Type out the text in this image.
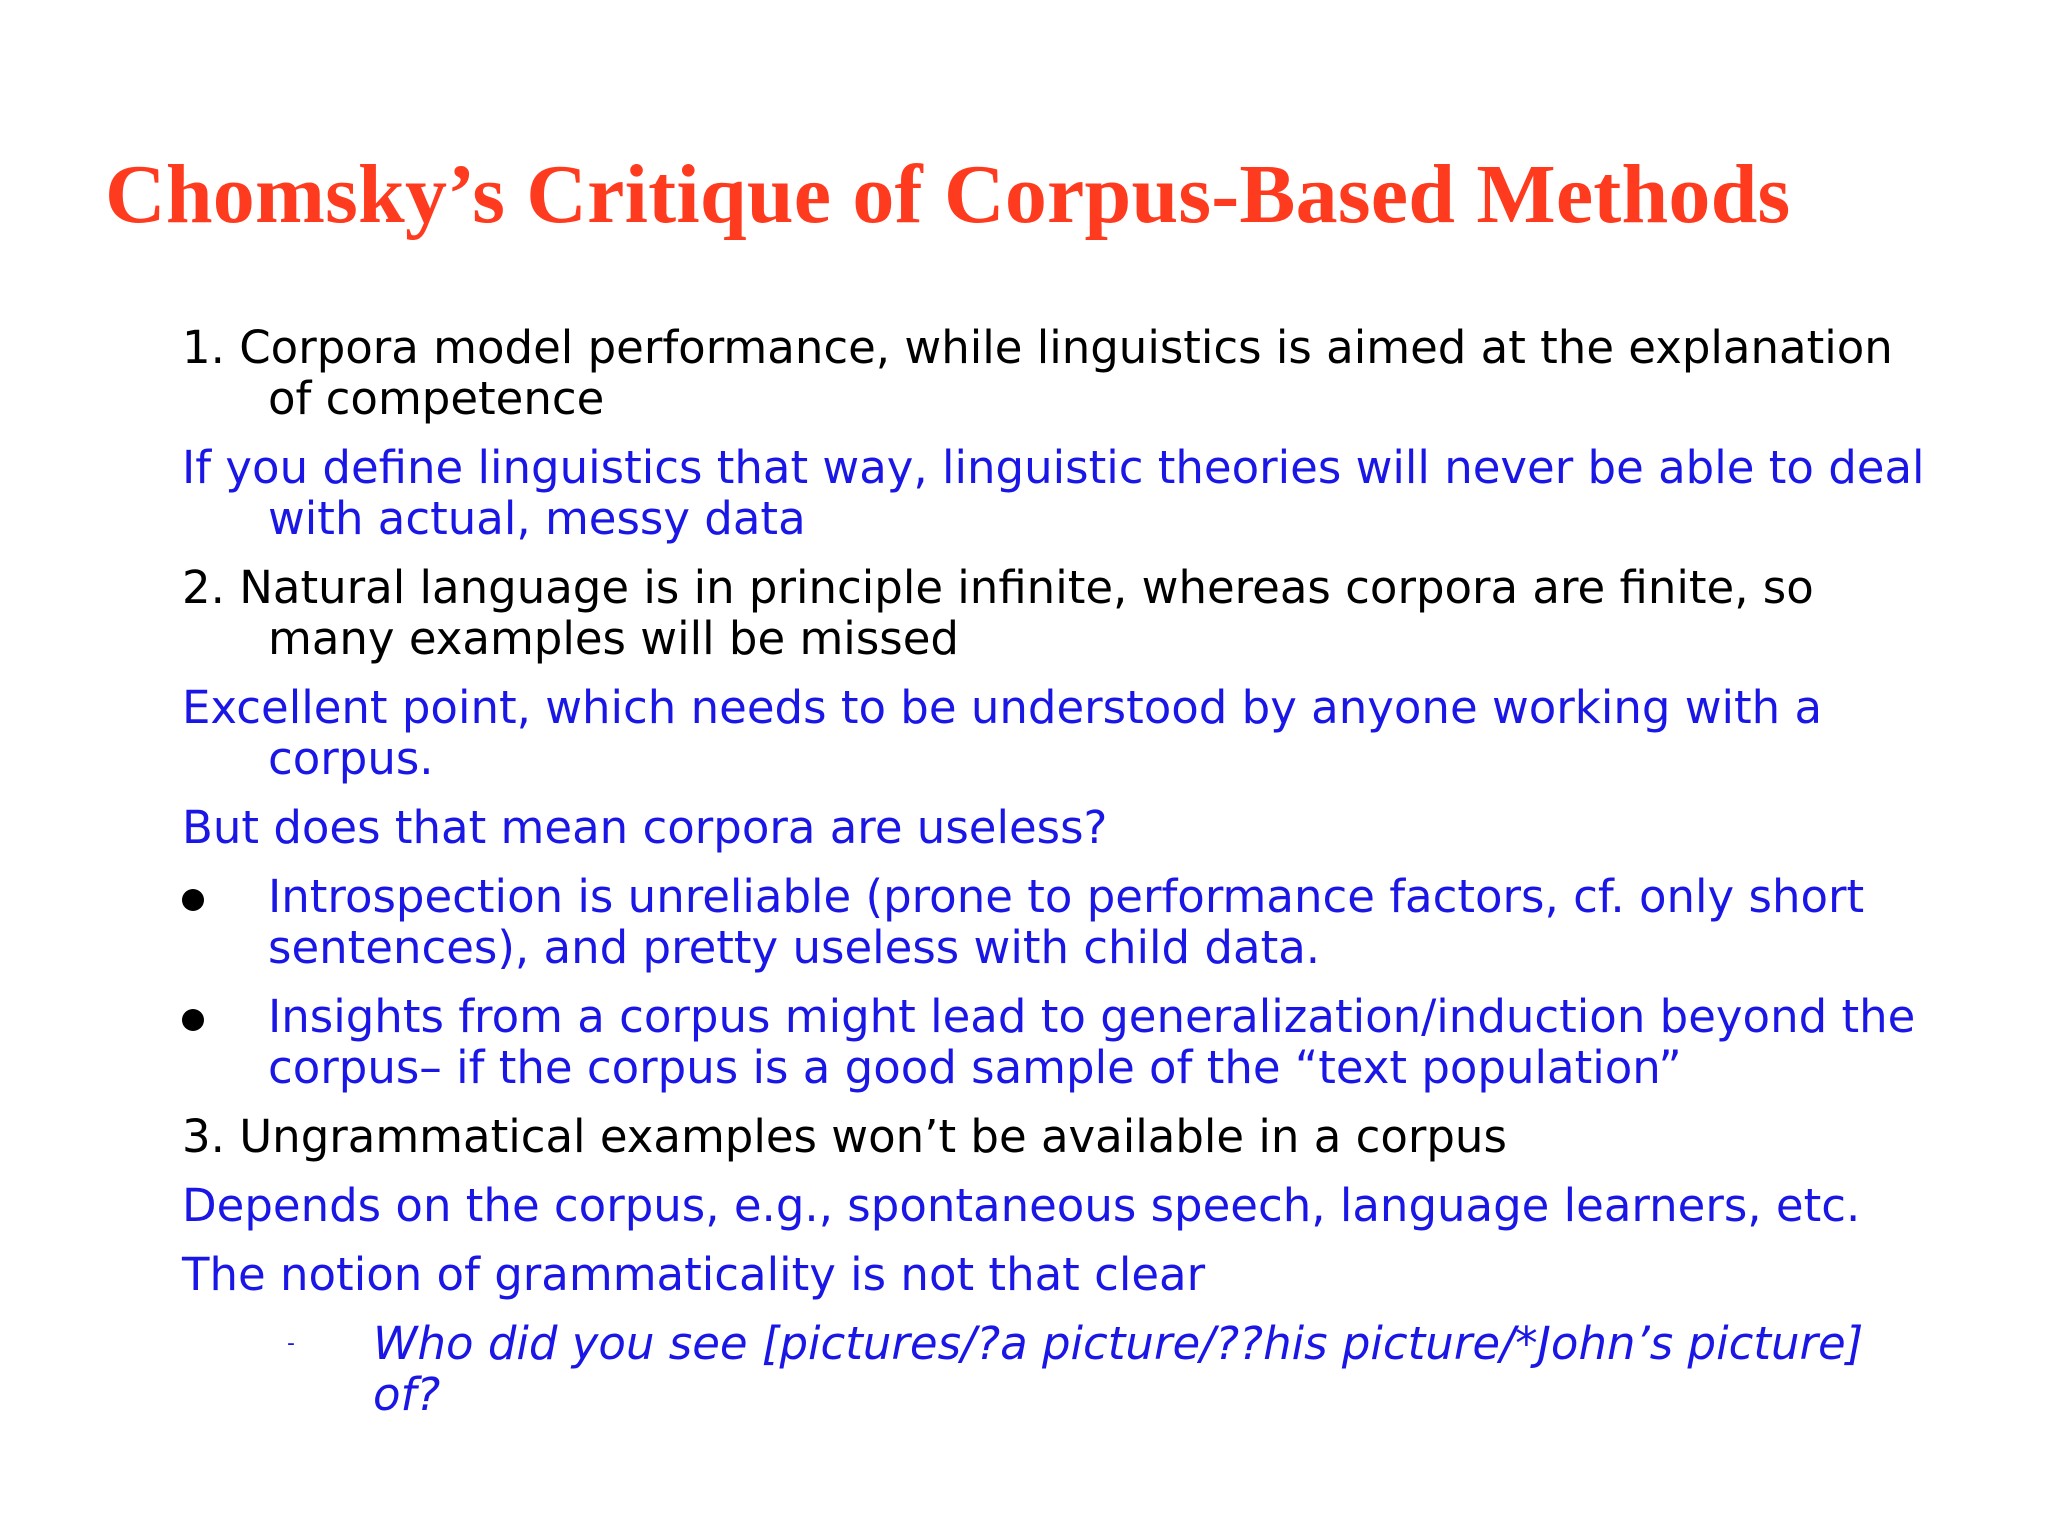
Chomsky’s Critique of Corpus-Based Methods

1. Corpora model performance, while linguistics is aimed at the explanation of competence

If you define linguistics that way, linguistic theories will never be able to deal with actual, messy data

2. Natural language is in principle infinite, whereas corpora are finite, so many examples will be missed

Excellent point, which needs to be understood by anyone working with a corpus.

But does that mean corpora are useless?

Introspection is unreliable (prone to performance factors, cf. only short sentences), and pretty useless with child data.
Insights from a corpus might lead to generalization/induction beyond the corpus– if the corpus is a good sample of the “text population”

3. Ungrammatical examples won’t be available in a corpus

Depends on the corpus, e.g., spontaneous speech, language learners, etc.

The notion of grammaticality is not that clear

- Who did you see [pictures/?a picture/??his picture/*John’s picture] of?
